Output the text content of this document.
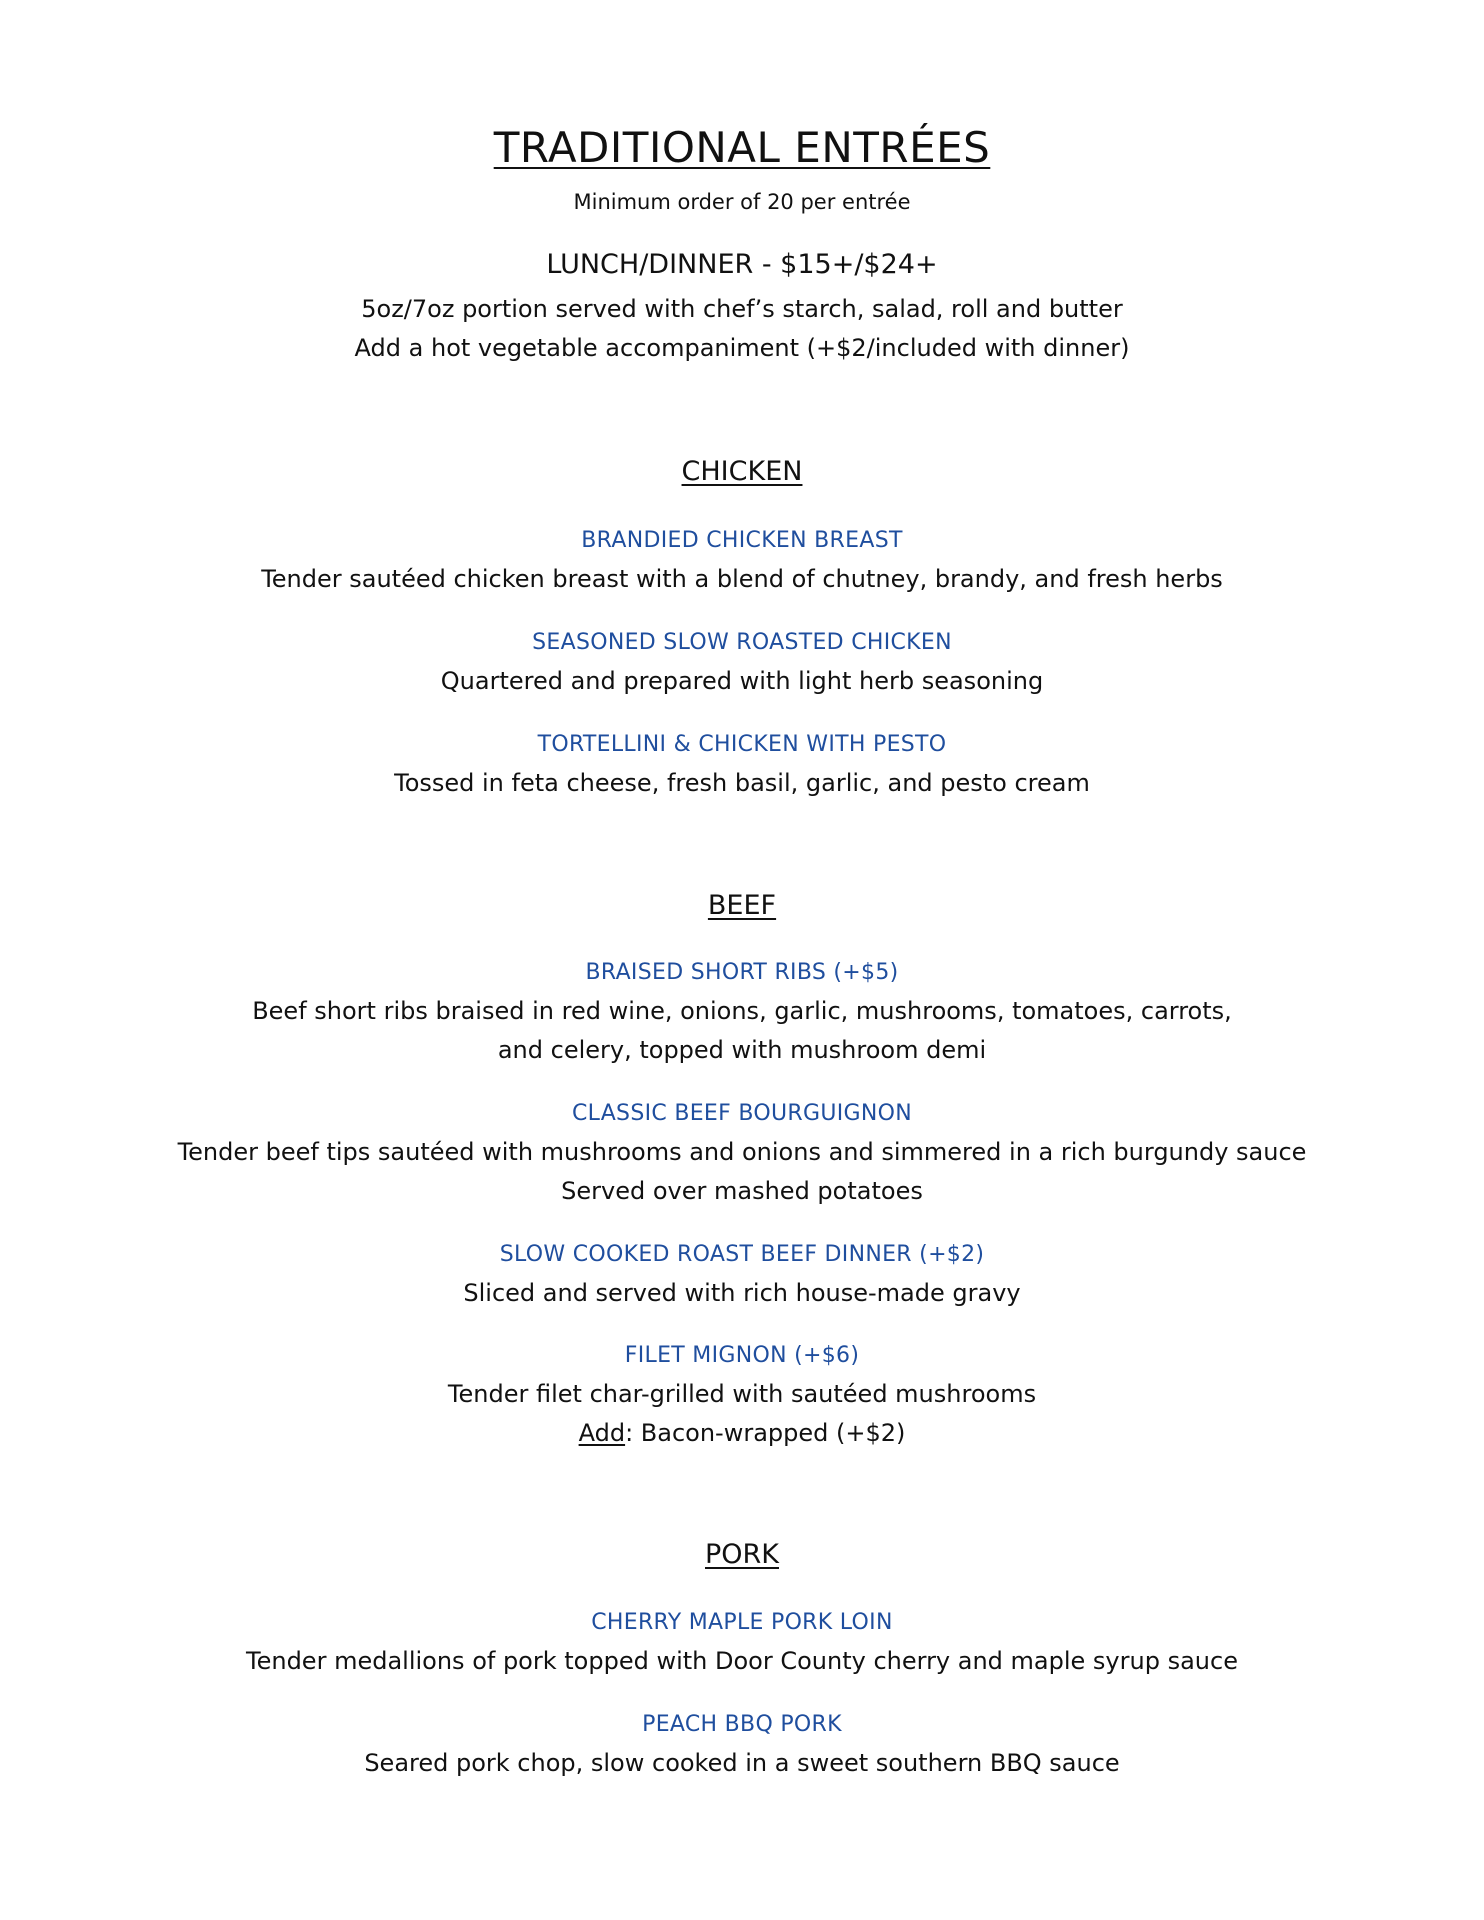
TRADITIONAL ENTRÉES
Minimum order of 20 per entrée
LUNCH/DINNER - $15+/$24+
5oz/7oz portion served with chef’s starch, salad, roll and butter
Add a hot vegetable accompaniment (+$2/included with dinner)
CHICKEN
BRANDIED CHICKEN BREAST
Tender sautéed chicken breast with a blend of chutney, brandy, and fresh herbs
SEASONED SLOW ROASTED CHICKEN
Quartered and prepared with light herb seasoning
TORTELLINI & CHICKEN WITH PESTO
Tossed in feta cheese, fresh basil, garlic, and pesto cream
BEEF
BRAISED SHORT RIBS (+$5)
Beef short ribs braised in red wine, onions, garlic, mushrooms, tomatoes, carrots,
and celery, topped with mushroom demi
CLASSIC BEEF BOURGUIGNON
Tender beef tips sautéed with mushrooms and onions and simmered in a rich burgundy sauce
Served over mashed potatoes
SLOW COOKED ROAST BEEF DINNER (+$2)
Sliced and served with rich house-made gravy
FILET MIGNON (+$6)
Tender filet char-grilled with sautéed mushrooms
Add: Bacon-wrapped (+$2)
PORK
CHERRY MAPLE PORK LOIN
Tender medallions of pork topped with Door County cherry and maple syrup sauce
PEACH BBQ PORK
Seared pork chop, slow cooked in a sweet southern BBQ sauce
